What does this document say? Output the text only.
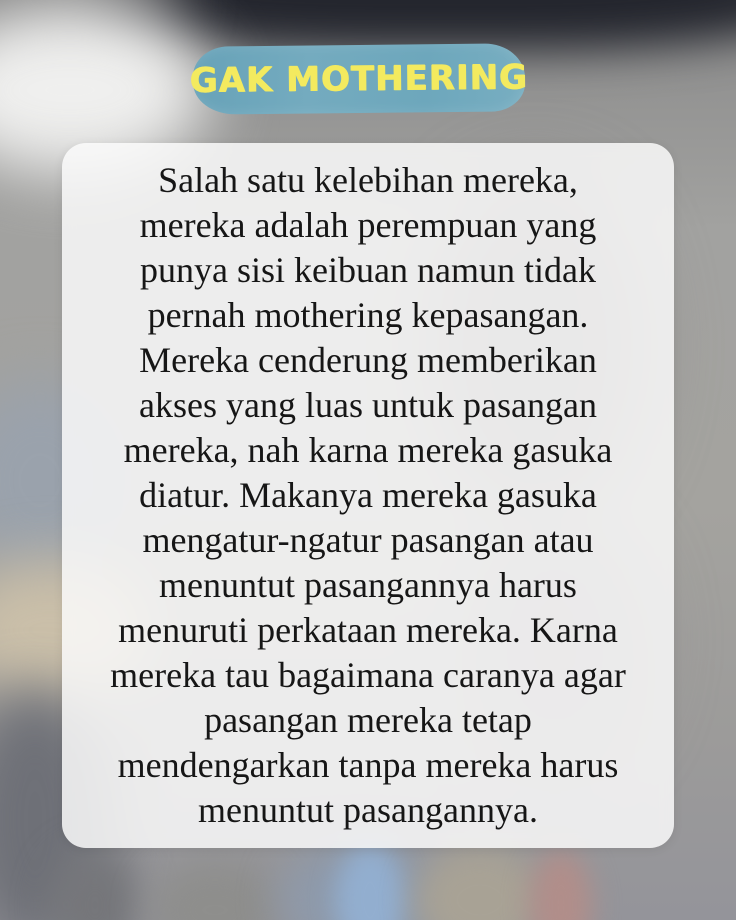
GAK MOTHERING
Salah satu kelebihan mereka,
mereka adalah perempuan yang
punya sisi keibuan namun tidak
pernah mothering kepasangan.
Mereka cenderung memberikan
akses yang luas untuk pasangan
mereka, nah karna mereka gasuka
diatur. Makanya mereka gasuka
mengatur-ngatur pasangan atau
menuntut pasangannya harus
menuruti perkataan mereka. Karna
mereka tau bagaimana caranya agar
pasangan mereka tetap
mendengarkan tanpa mereka harus
menuntut pasangannya.
